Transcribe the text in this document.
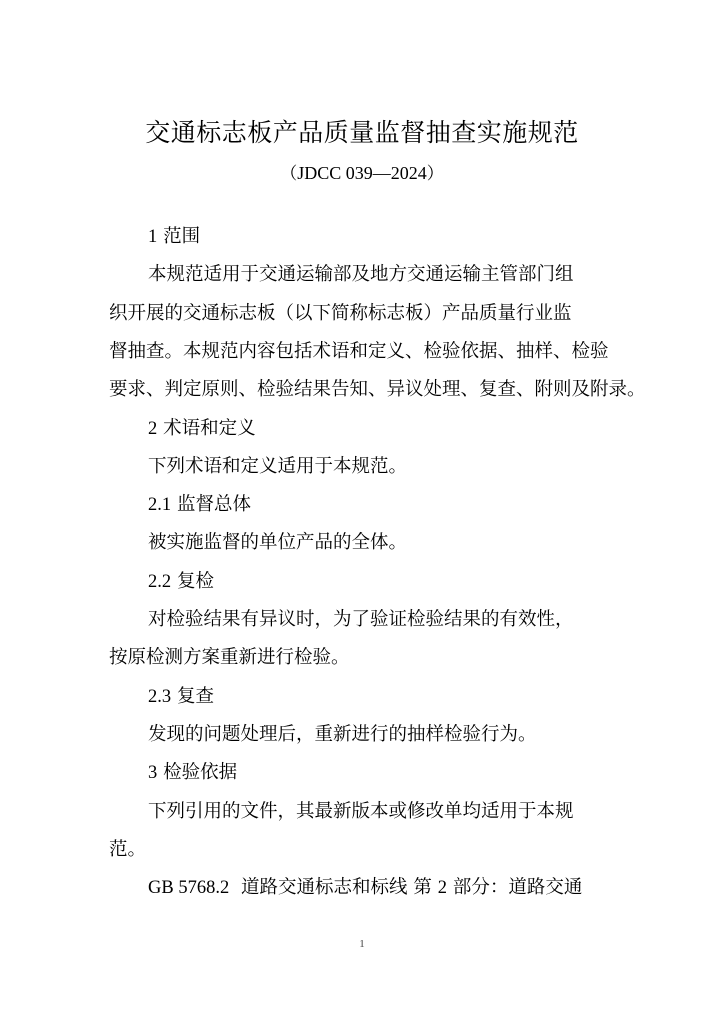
交通标志板产品质量监督抽查实施规范
（JDCC 039—2024）
1 范围
本规范适用于交通运输部及地方交通运输主管部门组
织开展的交通标志板（以下简称标志板）产品质量行业监
督抽查。本规范内容包括术语和定义、检验依据、抽样、检验
要求、判定原则、检验结果告知、异议处理、复查、附则及附录。
2 术语和定义
下列术语和定义适用于本规范。
2.1 监督总体
被实施监督的单位产品的全体。
2.2 复检
对检验结果有异议时，为了验证检验结果的有效性，
按原检测方案重新进行检验。
2.3 复查
发现的问题处理后，重新进行的抽样检验行为。
3 检验依据
下列引用的文件，其最新版本或修改单均适用于本规
范。
GB 5768.2 道路交通标志和标线 第 2 部分：道路交通
1
